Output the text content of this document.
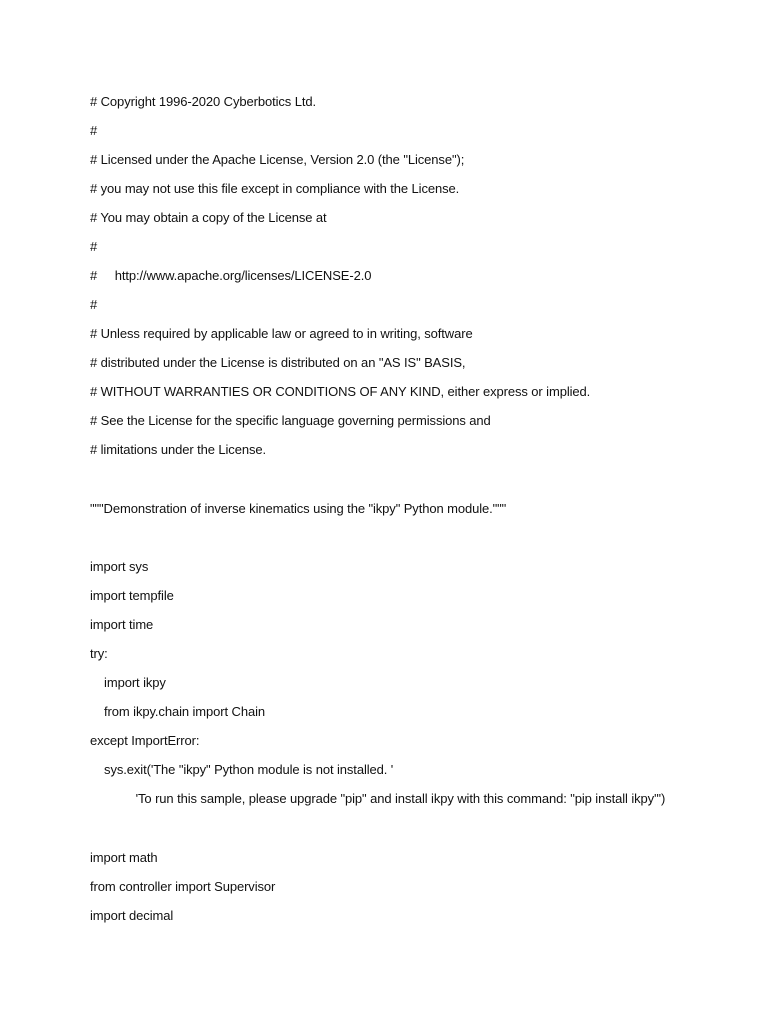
# Copyright 1996-2020 Cyberbotics Ltd.
#
# Licensed under the Apache License, Version 2.0 (the "License");
# you may not use this file except in compliance with the License.
# You may obtain a copy of the License at
#
#     http://www.apache.org/licenses/LICENSE-2.0
#
# Unless required by applicable law or agreed to in writing, software
# distributed under the License is distributed on an "AS IS" BASIS,
# WITHOUT WARRANTIES OR CONDITIONS OF ANY KIND, either express or implied.
# See the License for the specific language governing permissions and
# limitations under the License.
"""Demonstration of inverse kinematics using the "ikpy" Python module."""
import sys
import tempfile
import time
try:
import ikpy
from ikpy.chain import Chain
except ImportError:
sys.exit('The "ikpy" Python module is not installed. '
'To run this sample, please upgrade "pip" and install ikpy with this command: "pip install ikpy"')
import math
from controller import Supervisor
import decimal
